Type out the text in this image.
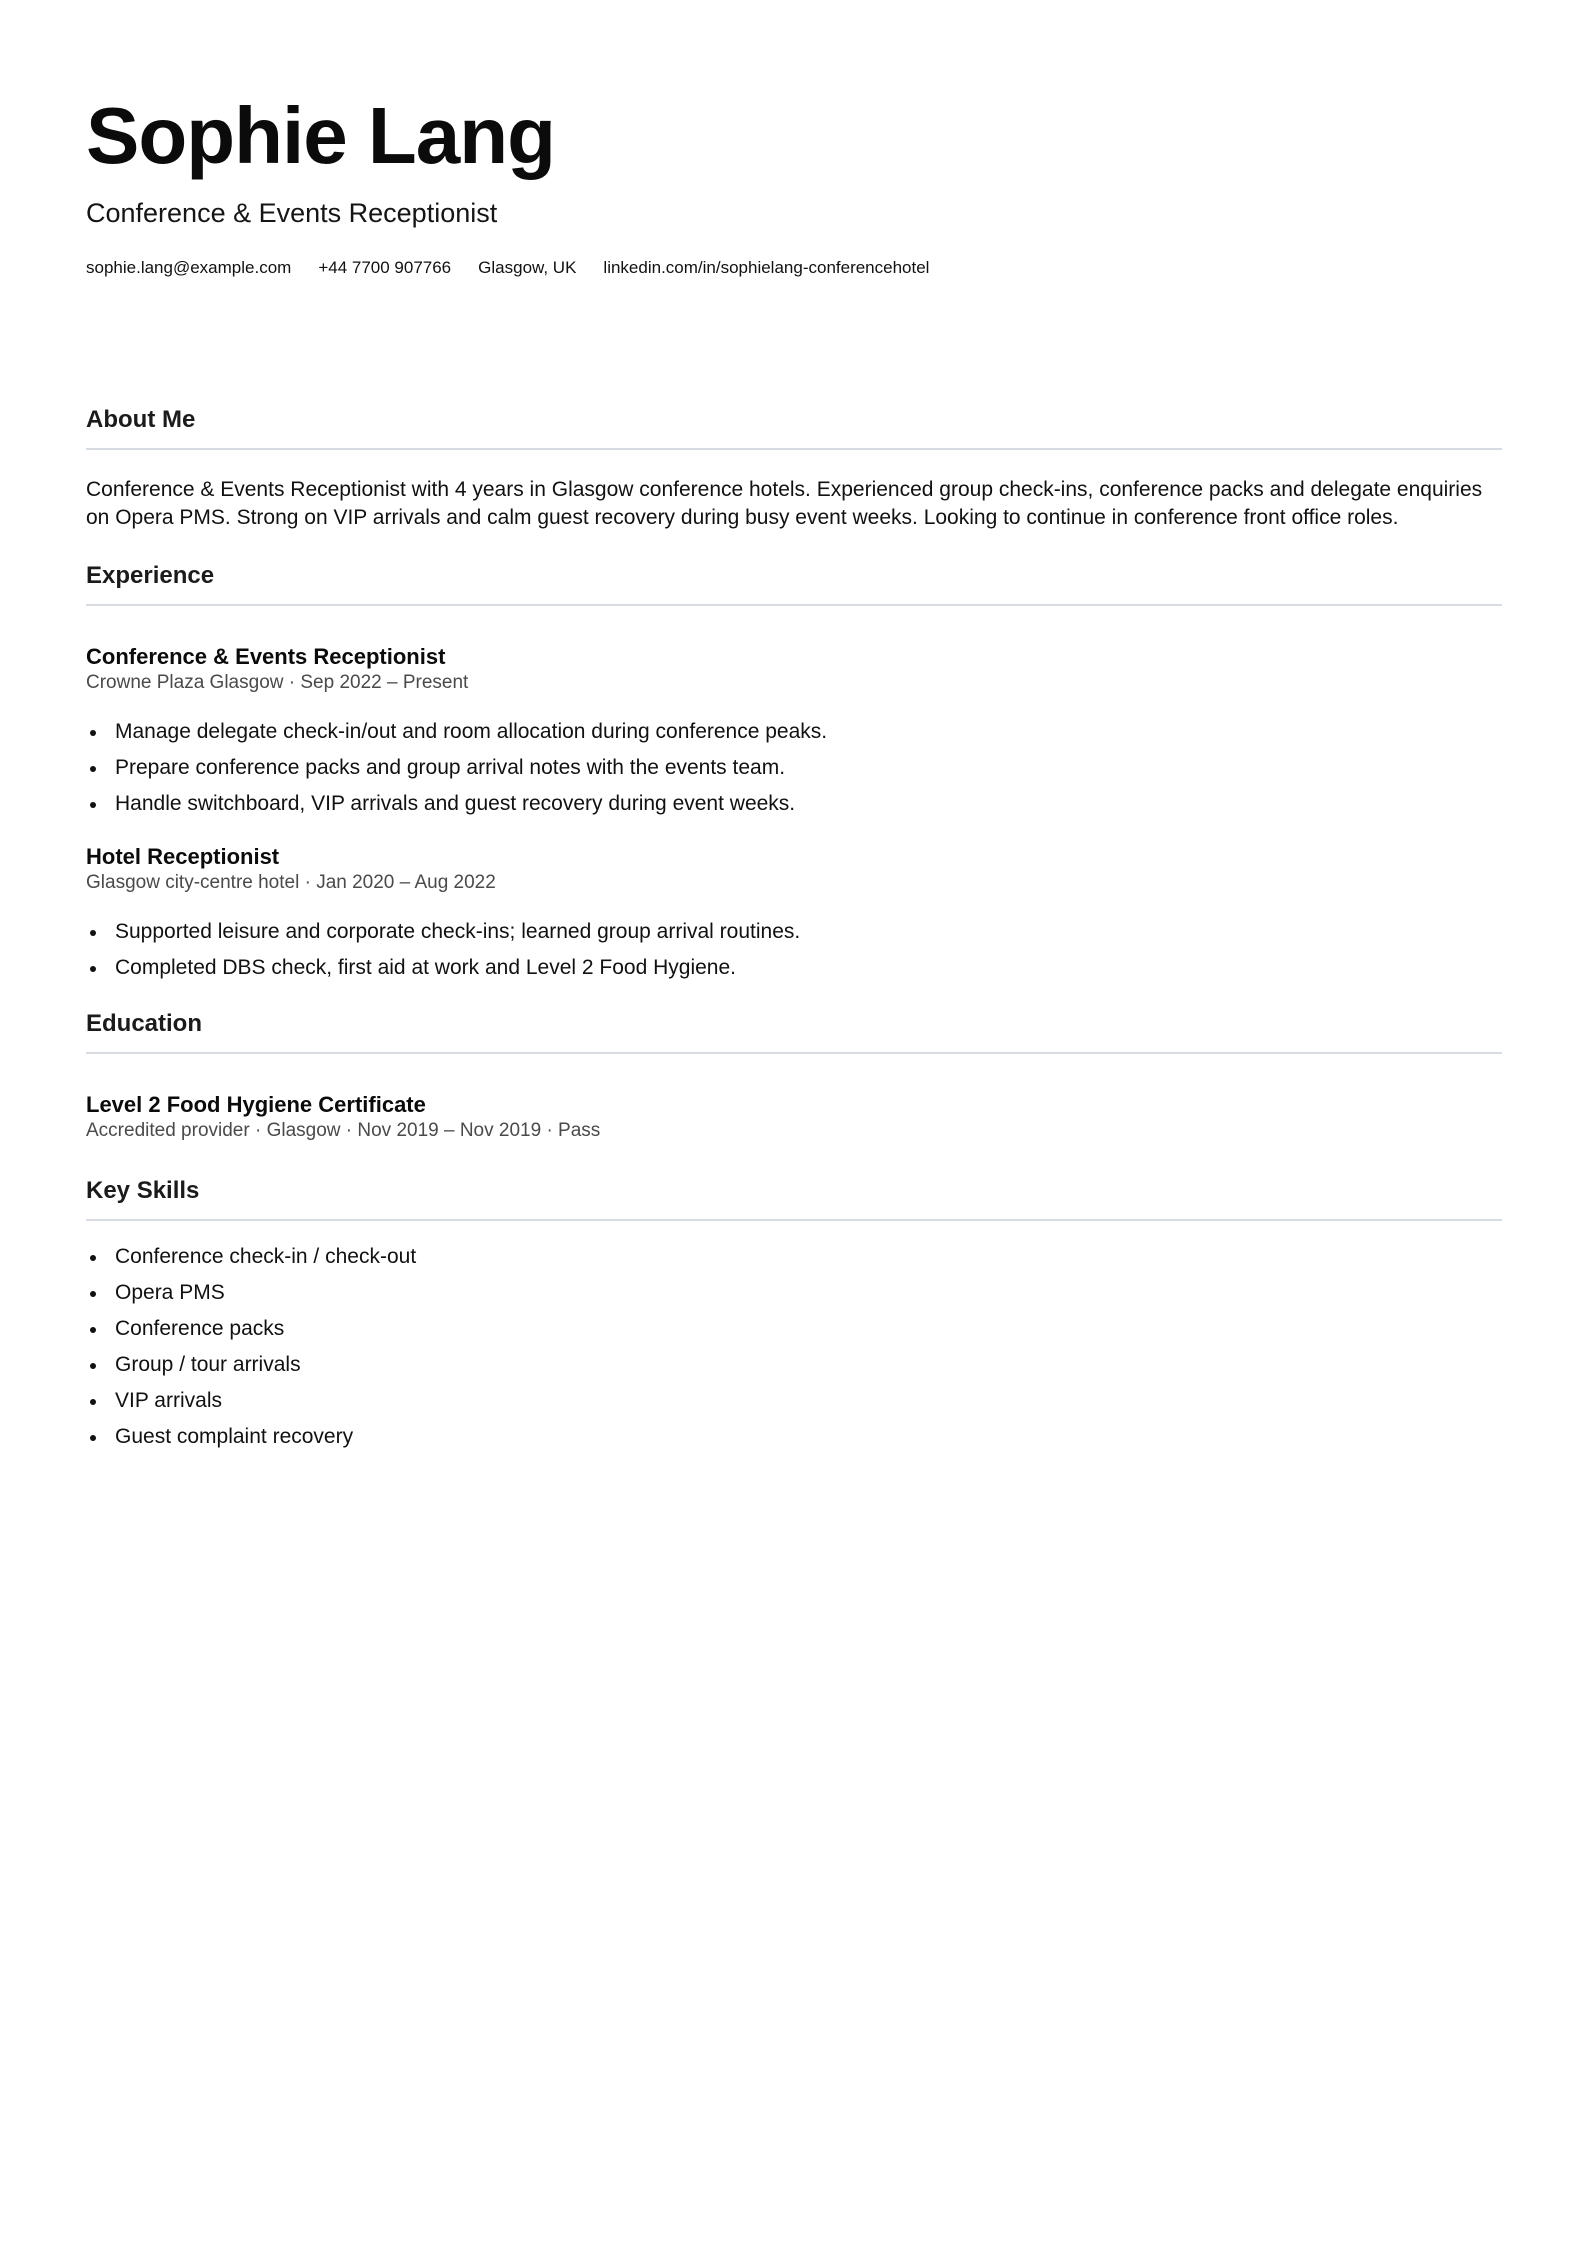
Sophie Lang
Conference & Events Receptionist
sophie.lang@example.com +44 7700 907766 Glasgow, UK linkedin.com/in/sophielang-conferencehotel
About Me

Conference & Events Receptionist with 4 years in Glasgow conference hotels. Experienced group check-ins, conference packs and delegate enquiries on Opera PMS. Strong on VIP arrivals and calm guest recovery during busy event weeks. Looking to continue in conference front office roles.

Experience
Conference & Events Receptionist
Crowne Plaza Glasgow · Sep 2022 – Present
Manage delegate check-in/out and room allocation during conference peaks.
Prepare conference packs and group arrival notes with the events team.
Handle switchboard, VIP arrivals and guest recovery during event weeks.
Hotel Receptionist
Glasgow city-centre hotel · Jan 2020 – Aug 2022
Supported leisure and corporate check-ins; learned group arrival routines.
Completed DBS check, first aid at work and Level 2 Food Hygiene.
Education
Level 2 Food Hygiene Certificate
Accredited provider · Glasgow · Nov 2019 – Nov 2019 · Pass
Key Skills
Conference check-in / check-out
Opera PMS
Conference packs
Group / tour arrivals
VIP arrivals
Guest complaint recovery
